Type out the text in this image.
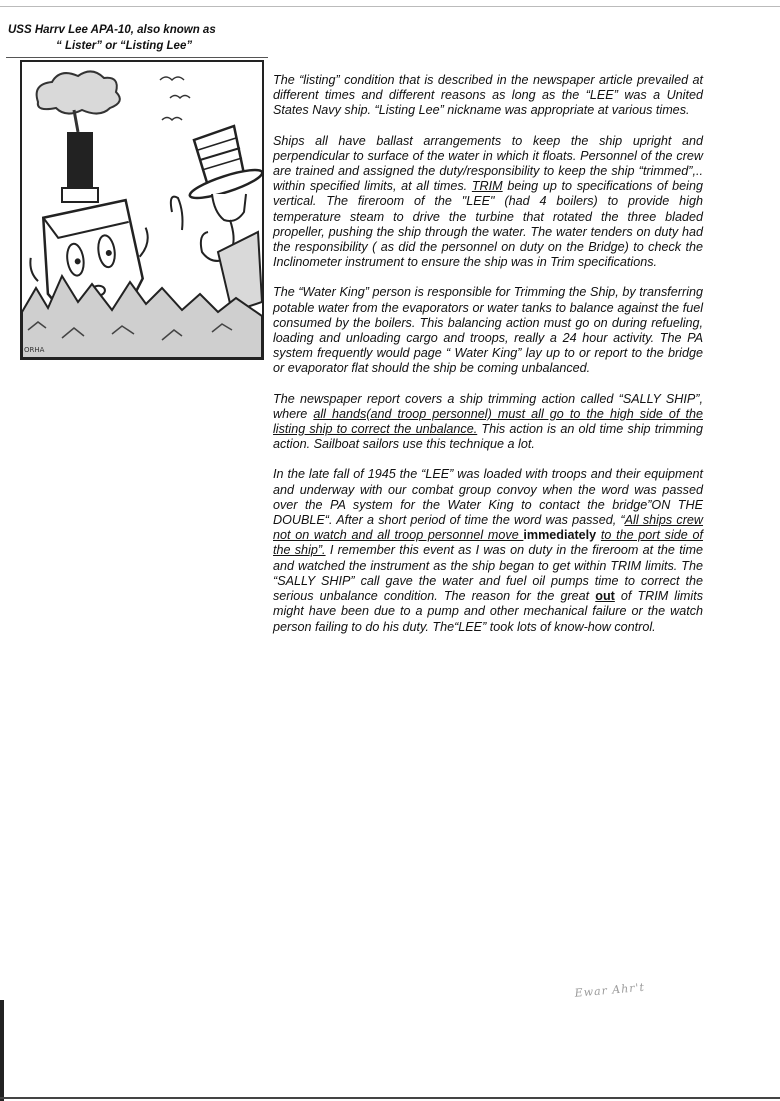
USS Harrv Lee APA-10, also known as
“ Lister” or “Listing Lee”
ORHA

The “listing” condition that is described in the newspaper article prevailed at different times and different reasons as long as the “LEE” was a United States Navy ship. “Listing Lee” nickname was appropriate at various times.

Ships all have ballast arrangements to keep the ship upright and perpendicular to surface of the water in which it floats. Personnel of the crew are trained and assigned the duty/responsibility to keep the ship “trimmed”,.. within specified limits, at all times. TRIM being up to specifications of being vertical. The fireroom of the "LEE" (had 4 boilers) to provide high temperature steam to drive the turbine that rotated the three bladed propeller, pushing the ship through the water. The water tenders on duty had the responsibility ( as did the personnel on duty on the Bridge) to check the Inclinometer instrument to ensure the ship was in Trim specifications.

The “Water King” person is responsible for Trimming the Ship, by transferring potable water from the evaporators or water tanks to balance against the fuel consumed by the boilers. This balancing action must go on during refueling, loading and unloading cargo and troops, really a 24 hour activity. The PA system frequently would page “ Water King” lay up to or report to the bridge or evaporator flat should the ship be coming unbalanced.

The newspaper report covers a ship trimming action called “SALLY SHIP”, where all hands(and troop personnel) must all go to the high side of the listing ship to correct the unbalance. This action is an old time ship trimming action. Sailboat sailors use this technique a lot.

In the late fall of 1945 the “LEE” was loaded with troops and their equipment and underway with our combat group convoy when the word was passed over the PA system for the Water King to contact the bridge”ON THE DOUBLE“. After a short period of time the word was passed, “All ships crew not on watch and all troop personnel move immediately to the port side of the ship”. I remember this event as I was on duty in the fireroom at the time and watched the instrument as the ship began to get within TRIM limits. The “SALLY SHIP” call gave the water and fuel oil pumps time to correct the serious unbalance condition. The reason for the great out of TRIM limits might have been due to a pump and other mechanical failure or the watch person failing to do his duty. The“LEE” took lots of know-how control.

Ewar Ahr't
